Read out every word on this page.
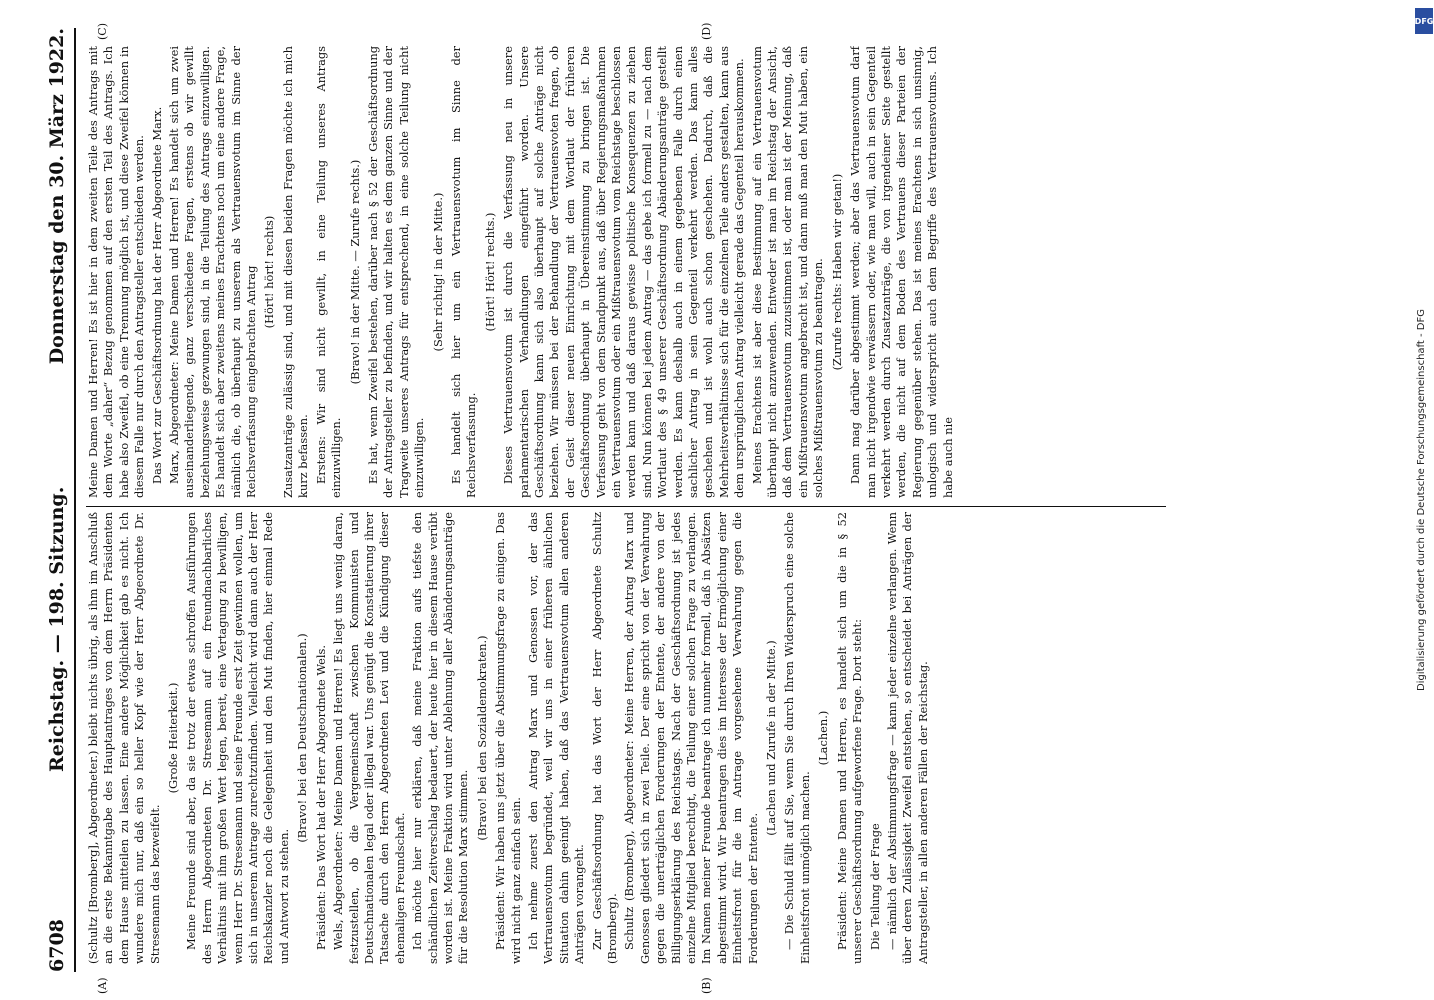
6708
Reichstag. — 198. Sitzung.
Donnerstag den 30. März 1922.
(A)	(B)
(C)	(D)

(Schultz [Bromberg], Abgeordneter.) bleibt nichts übrig, als ihm im Anschluß an die erste Bekanntgabe des Hauptantrages von dem Herrn Präsidenten dem Hause mitteilen zu lassen. Eine andere Möglichkeit gab es nicht. Ich wundere mich nur, daß ein so heller Kopf wie der Herr Abgeordnete Dr. Stresemann das bezweifelt.

(Große Heiterkeit.) Meine Freunde sind aber, da sie trotz der etwas schroffen Ausführungen des Herrn Abgeordneten Dr. Stresemann auf ein freundnachbarliches Verhältnis mit ihm großen Wert legen, bereit, eine Vertagung zu bewilligen, wenn Herr Dr. Stresemann und seine Freunde erst Zeit gewinnen wollen, um sich in unserem Antrage zurechtzufinden. Vielleicht wird dann auch der Herr Reichskanzler noch die Gelegenheit und den Mut finden, hier einmal Rede und Antwort zu stehen.

(Bravo! bei den Deutschnationalen.) Präsident: Das Wort hat der Herr Abgeordnete Wels. Wels, Abgeordneter: Meine Damen und Herren! Es liegt uns wenig daran, festzustellen, ob die Vergemeinschaft zwischen Kommunisten und Deutschnationalen legal oder illegal war. Uns genügt die Konstatierung ihrer Tatsache durch den Herrn Abgeordneten Levi und die Kündigung dieser ehemaligen Freundschaft. Ich möchte hier nur erklären, daß meine Fraktion aufs tiefste den schändlichen Zeitverschlag bedauert, der heute hier in diesem Hause verübt worden ist. Meine Fraktion wird unter Ablehnung aller Abänderungsanträge für die Resolution Marx stimmen.

(Bravo! bei den Sozialdemokraten.) Präsident: Wir haben uns jetzt über die Abstimmungsfrage zu einigen. Das wird nicht ganz einfach sein. Ich nehme zuerst den Antrag Marx und Genossen vor, der das Vertrauensvotum begründet, weil wir uns in einer früheren ähnlichen Situation dahin geeinigt haben, daß das Vertrauensvotum allen anderen Anträgen vorangeht. Zur Geschäftsordnung hat das Wort der Herr Abgeordnete Schultz (Bromberg). Schultz (Bromberg), Abgeordneter: Meine Herren, der Antrag Marx und Genossen gliedert sich in zwei Teile. Der eine spricht von der Verwahrung gegen die unerträglichen Forderungen der Entente, der andere von der Billigungserklärung des Reichstags. Nach der Geschäftsordnung ist jedes einzelne Mitglied berechtigt, die Teilung einer solchen Frage zu verlangen. Im Namen meiner Freunde beantrage ich nunmehr formell, daß in Absätzen abgestimmt wird. Wir beantragen dies im Interesse der Ermöglichung einer Einheitsfront für die im Antrage vorgesehene Verwahrung gegen die Forderungen der Entente.

(Lachen und Zurufe in der Mitte.) — Die Schuld fällt auf Sie, wenn Sie durch Ihren Widerspruch eine solche Einheitsfront unmöglich machen.

(Lachen.) Präsident: Meine Damen und Herren, es handelt sich um die in § 52 unserer Geschäftsordnung aufgeworfene Frage. Dort steht: Die Teilung der Frage — nämlich der Abstimmungsfrage — kann jeder einzelne verlangen. Wenn über deren Zulässigkeit Zweifel entstehen, so entscheidet bei Anträgen der Antragsteller, in allen anderen Fällen der Reichstag.

Meine Damen und Herren! Es ist hier in dem zweiten Teile des Antrags mit dem Worte „daher“ Bezug genommen auf den ersten Teil des Antrags. Ich habe also Zweifel, ob eine Trennung möglich ist, und diese Zweifel können in diesem Falle nur durch den Antragsteller entschieden werden. Das Wort zur Geschäftsordnung hat der Herr Abgeordnete Marx. Marx, Abgeordneter: Meine Damen und Herren! Es handelt sich um zwei auseinanderliegende, ganz verschiedene Fragen, erstens ob wir gewillt beziehungsweise gezwungen sind, in die Teilung des Antrags einzuwilligen. Es handelt sich aber zweitens meines Erachtens noch um eine andere Frage, nämlich die, ob überhaupt zu unserem als Vertrauensvotum im Sinne der Reichsverfassung eingebrachten Antrag (Hört! hört! rechts) Zusatzanträge zulässig sind, und mit diesen beiden Fragen möchte ich mich kurz befassen. Erstens: Wir sind nicht gewillt, in eine Teilung unseres Antrags einzuwilligen.

(Bravo! in der Mitte. — Zurufe rechts.) Es hat, wenn Zweifel bestehen, darüber nach § 52 der Geschäftsordnung der Antragsteller zu befinden, und wir halten es dem ganzen Sinne und der Tragweite unseres Antrags für entsprechend, in eine solche Teilung nicht einzuwilligen.

(Sehr richtig! in der Mitte.) Es handelt sich hier um ein Vertrauensvotum im Sinne der Reichsverfassung.

(Hört! Hört! rechts.) Dieses Vertrauensvotum ist durch die Verfassung neu in unsere parlamentarischen Verhandlungen eingeführt worden. Unsere Geschäftsordnung kann sich also überhaupt auf solche Anträge nicht beziehen. Wir müssen bei der Behandlung der Vertrauensvoten fragen, ob der Geist dieser neuen Einrichtung mit dem Wortlaut der früheren Geschäftsordnung überhaupt in Übereinstimmung zu bringen ist. Die Verfassung geht von dem Standpunkt aus, daß über Regierungsmaßnahmen ein Vertrauensvotum oder ein Mißtrauensvotum vom Reichstage beschlossen werden kann und daß daraus gewisse politische Konsequenzen zu ziehen sind. Nun können bei jedem Antrag — das gebe ich formell zu — nach dem Wortlaut des § 49 unserer Geschäftsordnung Abänderungsanträge gestellt werden. Es kann deshalb auch in einem gegebenen Falle durch einen sachlicher Antrag in sein Gegenteil verkehrt werden. Das kann alles geschehen und ist wohl auch schon geschehen. Dadurch, daß die Mehrheitsverhältnisse sich für die einzelnen Teile anders gestalten, kann aus dem ursprünglichen Antrag vielleicht gerade das Gegenteil herauskommen. Meines Erachtens ist aber diese Bestimmung auf ein Vertrauensvotum überhaupt nicht anzuwenden. Entweder ist man im Reichstag der Ansicht, daß dem Vertrauensvotum zuzustimmen ist, oder man ist der Meinung, daß ein Mißtrauensvotum angebracht ist, und dann muß man den Mut haben, ein solches Mißtrauensvotum zu beantragen. (Zurufe rechts: Haben wir getan!) Dann mag darüber abgestimmt werden; aber das Vertrauensvotum darf man nicht irgendwie verwässern oder, wie man will, auch in sein Gegenteil verkehrt werden durch Zusatzanträge, die von irgendeiner Seite gestellt werden, die nicht auf dem Boden des Vertrauens dieser Parteien der Regierung gegenüber stehen. Das ist meines Erachtens in sich unsinnig, unlogisch und widerspricht auch dem Begriffe des Vertrauensvotums. Ich habe auch nie

DFG
Digitalisierung gefördert durch die Deutsche Forschungsgemeinschaft - DFG
